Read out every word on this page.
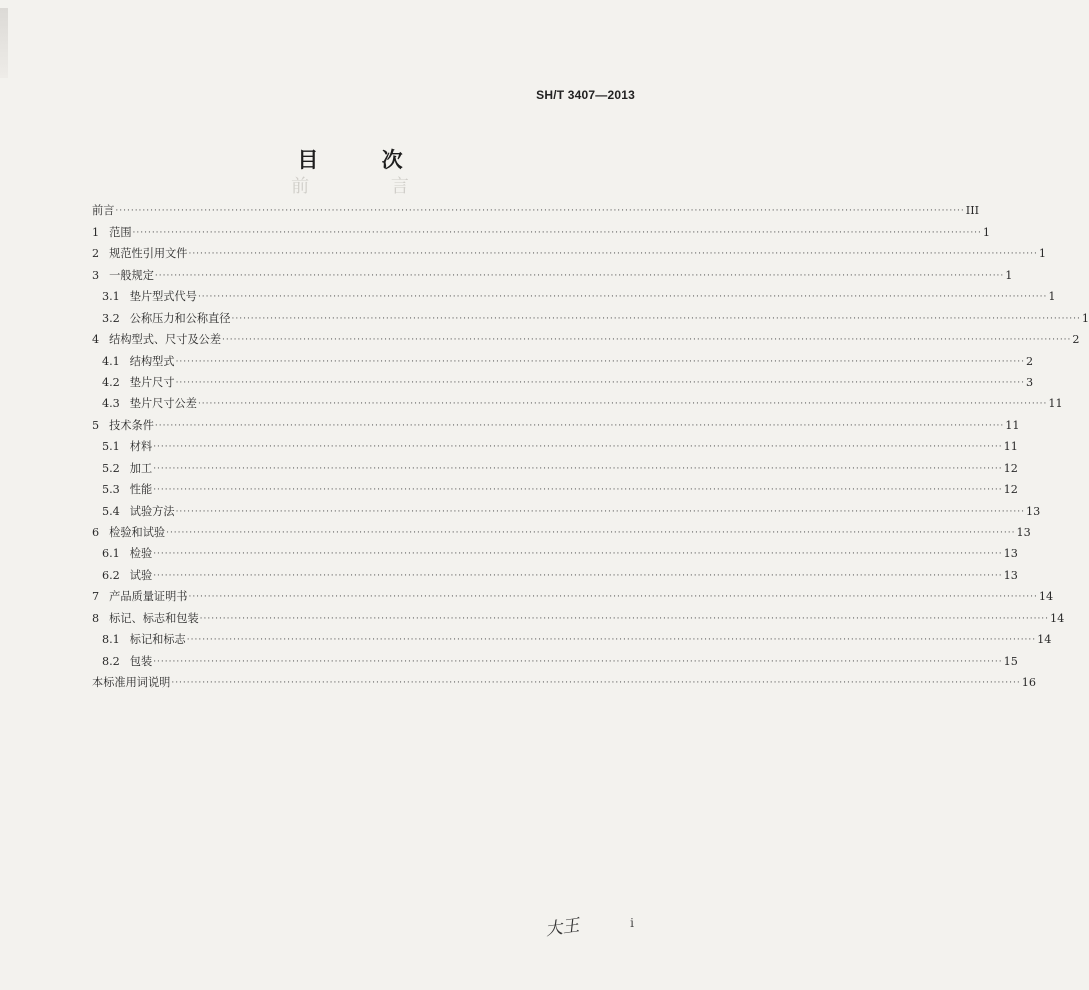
SH/T 3407—2013
前 言
目 次
前言 ···························································································································································································································· III
1 范围 ···························································································································································································································· 1
2 规范性引用文件 ···························································································································································································································· 1
3 一般规定 ···························································································································································································································· 1
3.1 垫片型式代号 ···························································································································································································································· 1
3.2 公称压力和公称直径 ···························································································································································································································· 1
4 结构型式、尺寸及公差 ···························································································································································································································· 2
4.1 结构型式 ···························································································································································································································· 2
4.2 垫片尺寸 ···························································································································································································································· 3
4.3 垫片尺寸公差 ···························································································································································································································· 11
5 技术条件 ···························································································································································································································· 11
5.1 材料 ···························································································································································································································· 11
5.2 加工 ···························································································································································································································· 12
5.3 性能 ···························································································································································································································· 12
5.4 试验方法 ···························································································································································································································· 13
6 检验和试验 ···························································································································································································································· 13
6.1 检验 ···························································································································································································································· 13
6.2 试验 ···························································································································································································································· 13
7 产品质量证明书 ···························································································································································································································· 14
8 标记、标志和包装 ···························································································································································································································· 14
8.1 标记和标志 ···························································································································································································································· 14
8.2 包装 ···························································································································································································································· 15
本标准用词说明 ···························································································································································································································· 16
大王	i
